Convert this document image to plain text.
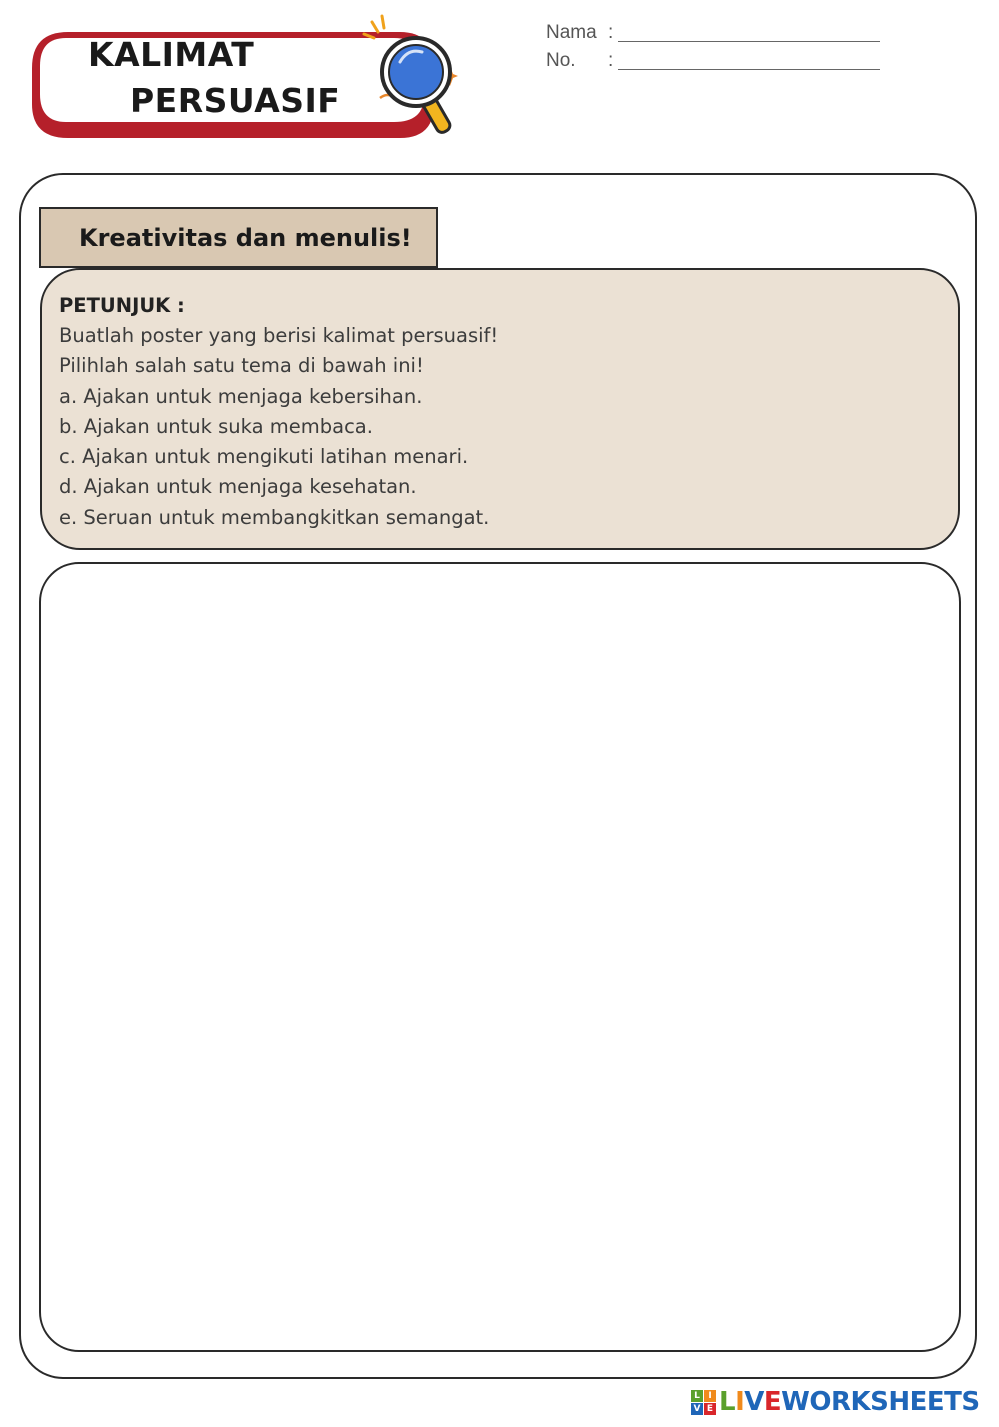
KALIMAT
PERSUASIF
Nama :
No. :
Kreativitas dan menulis!
PETUNJUK :
Buatlah poster yang berisi kalimat persuasif!
Pilihlah salah satu tema di bawah ini!
a. Ajakan untuk menjaga kebersihan.
b. Ajakan untuk suka membaca.
c. Ajakan untuk mengikuti latihan menari.
d. Ajakan untuk menjaga kesehatan.
e. Seruan untuk membangkitkan semangat.
L I
V E LIVEWORKSHEETS
